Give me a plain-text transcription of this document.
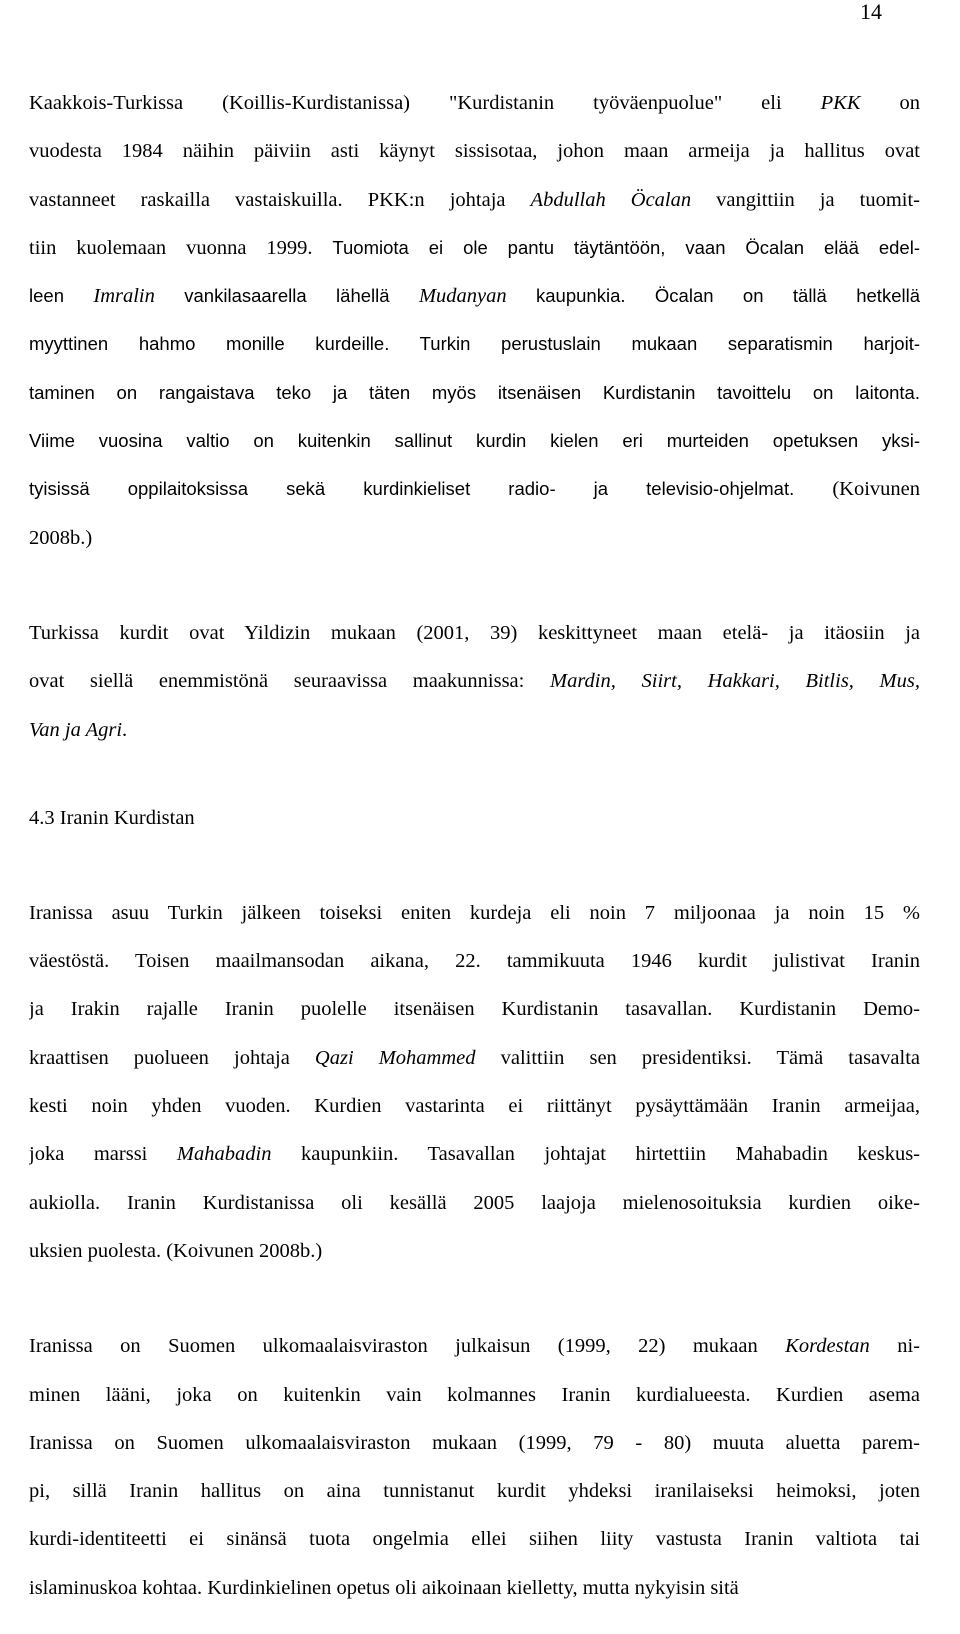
14
Kaakkois-Turkissa (Koillis-Kurdistanissa) "Kurdistanin työväenpuolue" eli PKK on
vuodesta 1984 näihin päiviin asti käynyt sissisotaa, johon maan armeija ja hallitus ovat
vastanneet raskailla vastaiskuilla. PKK:n johtaja Abdullah Öcalan vangittiin ja tuomit-
tiin kuolemaan vuonna 1999. Tuomiota ei ole pantu täytäntöön, vaan Öcalan elää edel-
leen Imralin vankilasaarella lähellä Mudanyan kaupunkia. Öcalan on tällä hetkellä
myyttinen hahmo monille kurdeille. Turkin perustuslain mukaan separatismin harjoit-
taminen on rangaistava teko ja täten myös itsenäisen Kurdistanin tavoittelu on laitonta.
Viime vuosina valtio on kuitenkin sallinut kurdin kielen eri murteiden opetuksen yksi-
tyisissä oppilaitoksissa sekä kurdinkieliset radio- ja televisio-ohjelmat. (Koivunen
2008b.)
Turkissa kurdit ovat Yildizin mukaan (2001, 39) keskittyneet maan etelä- ja itäosiin ja
ovat siellä enemmistönä seuraavissa maakunnissa: Mardin, Siirt, Hakkari, Bitlis, Mus,
Van ja Agri.
4.3 Iranin Kurdistan
Iranissa asuu Turkin jälkeen toiseksi eniten kurdeja eli noin 7 miljoonaa ja noin 15 %
väestöstä. Toisen maailmansodan aikana, 22. tammikuuta 1946 kurdit julistivat Iranin
ja Irakin rajalle Iranin puolelle itsenäisen Kurdistanin tasavallan. Kurdistanin Demo-
kraattisen puolueen johtaja Qazi Mohammed valittiin sen presidentiksi. Tämä tasavalta
kesti noin yhden vuoden. Kurdien vastarinta ei riittänyt pysäyttämään Iranin armeijaa,
joka marssi Mahabadin kaupunkiin. Tasavallan johtajat hirtettiin Mahabadin keskus-
aukiolla. Iranin Kurdistanissa oli kesällä 2005 laajoja mielenosoituksia kurdien oike-
uksien puolesta. (Koivunen 2008b.)
Iranissa on Suomen ulkomaalaisviraston julkaisun (1999, 22) mukaan Kordestan ni-
minen lääni, joka on kuitenkin vain kolmannes Iranin kurdialueesta. Kurdien asema
Iranissa on Suomen ulkomaalaisviraston mukaan (1999, 79 - 80) muuta aluetta parem-
pi, sillä Iranin hallitus on aina tunnistanut kurdit yhdeksi iranilaiseksi heimoksi, joten
kurdi-identiteetti ei sinänsä tuota ongelmia ellei siihen liity vastusta Iranin valtiota tai
islaminuskoa kohtaa. Kurdinkielinen opetus oli aikoinaan kielletty, mutta nykyisin sitä
